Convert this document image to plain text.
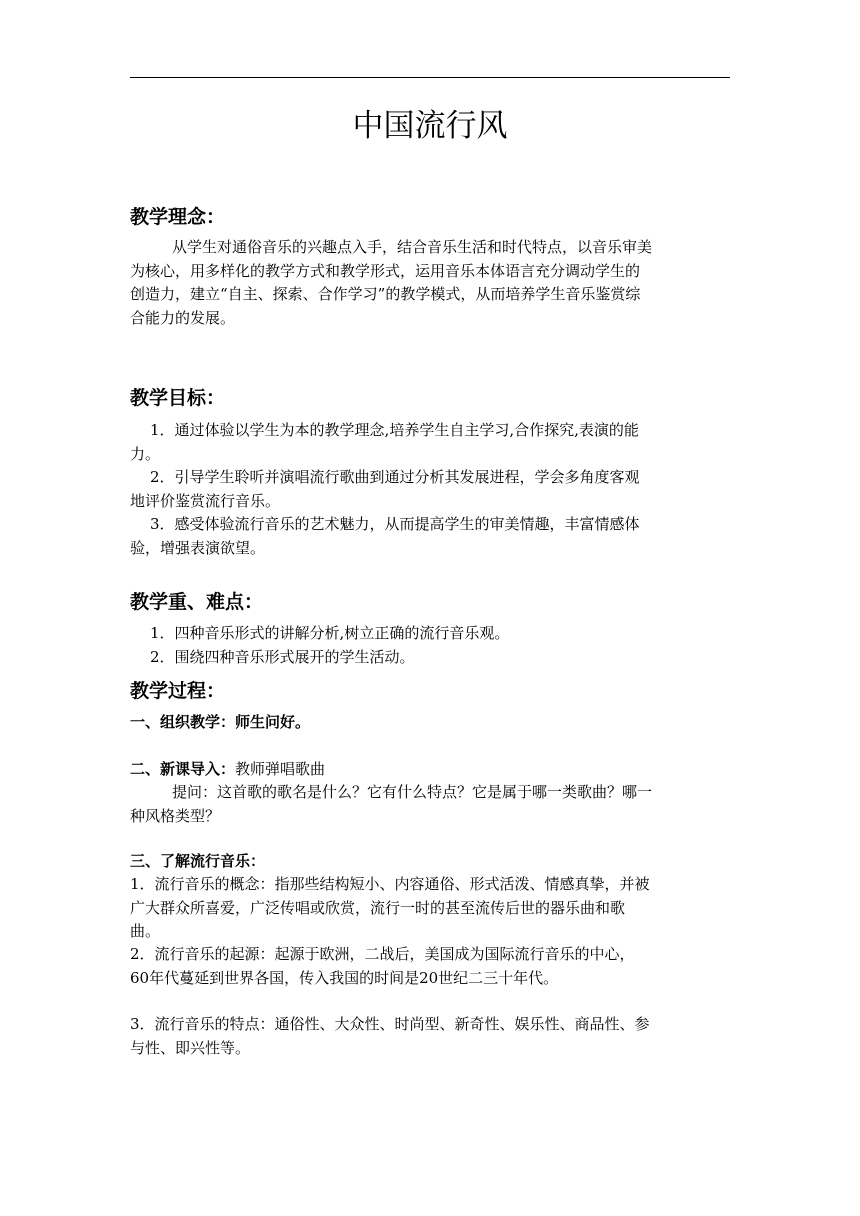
中国流行风
教学理念：

从学生对通俗音乐的兴趣点入手，结合音乐生活和时代特点，以音乐审美为核心，用多样化的教学方式和教学形式，运用音乐本体语言充分调动学生的创造力，建立“自主、探索、合作学习”的教学模式，从而培养学生音乐鉴赏综合能力的发展。

教学目标：

1．通过体验以学生为本的教学理念,培养学生自主学习,合作探究,表演的能力。

2．引导学生聆听并演唱流行歌曲到通过分析其发展进程，学会多角度客观地评价鉴赏流行音乐。

3．感受体验流行音乐的艺术魅力，从而提高学生的审美情趣，丰富情感体验，增强表演欲望。

教学重、难点：

1．四种音乐形式的讲解分析,树立正确的流行音乐观。

2．围绕四种音乐形式展开的学生活动。

教学过程：

一、组织教学：师生问好。

二、新课导入：教师弹唱歌曲

提问：这首歌的歌名是什么？它有什么特点？它是属于哪一类歌曲？哪一种风格类型？

三、了解流行音乐：

1．流行音乐的概念：指那些结构短小、内容通俗、形式活泼、情感真挚，并被广大群众所喜爱，广泛传唱或欣赏，流行一时的甚至流传后世的器乐曲和歌曲。

2．流行音乐的起源：起源于欧洲，二战后，美国成为国际流行音乐的中心，60年代蔓延到世界各国，传入我国的时间是20世纪二三十年代。

3．流行音乐的特点：通俗性、大众性、时尚型、新奇性、娱乐性、商品性、参与性、即兴性等。
